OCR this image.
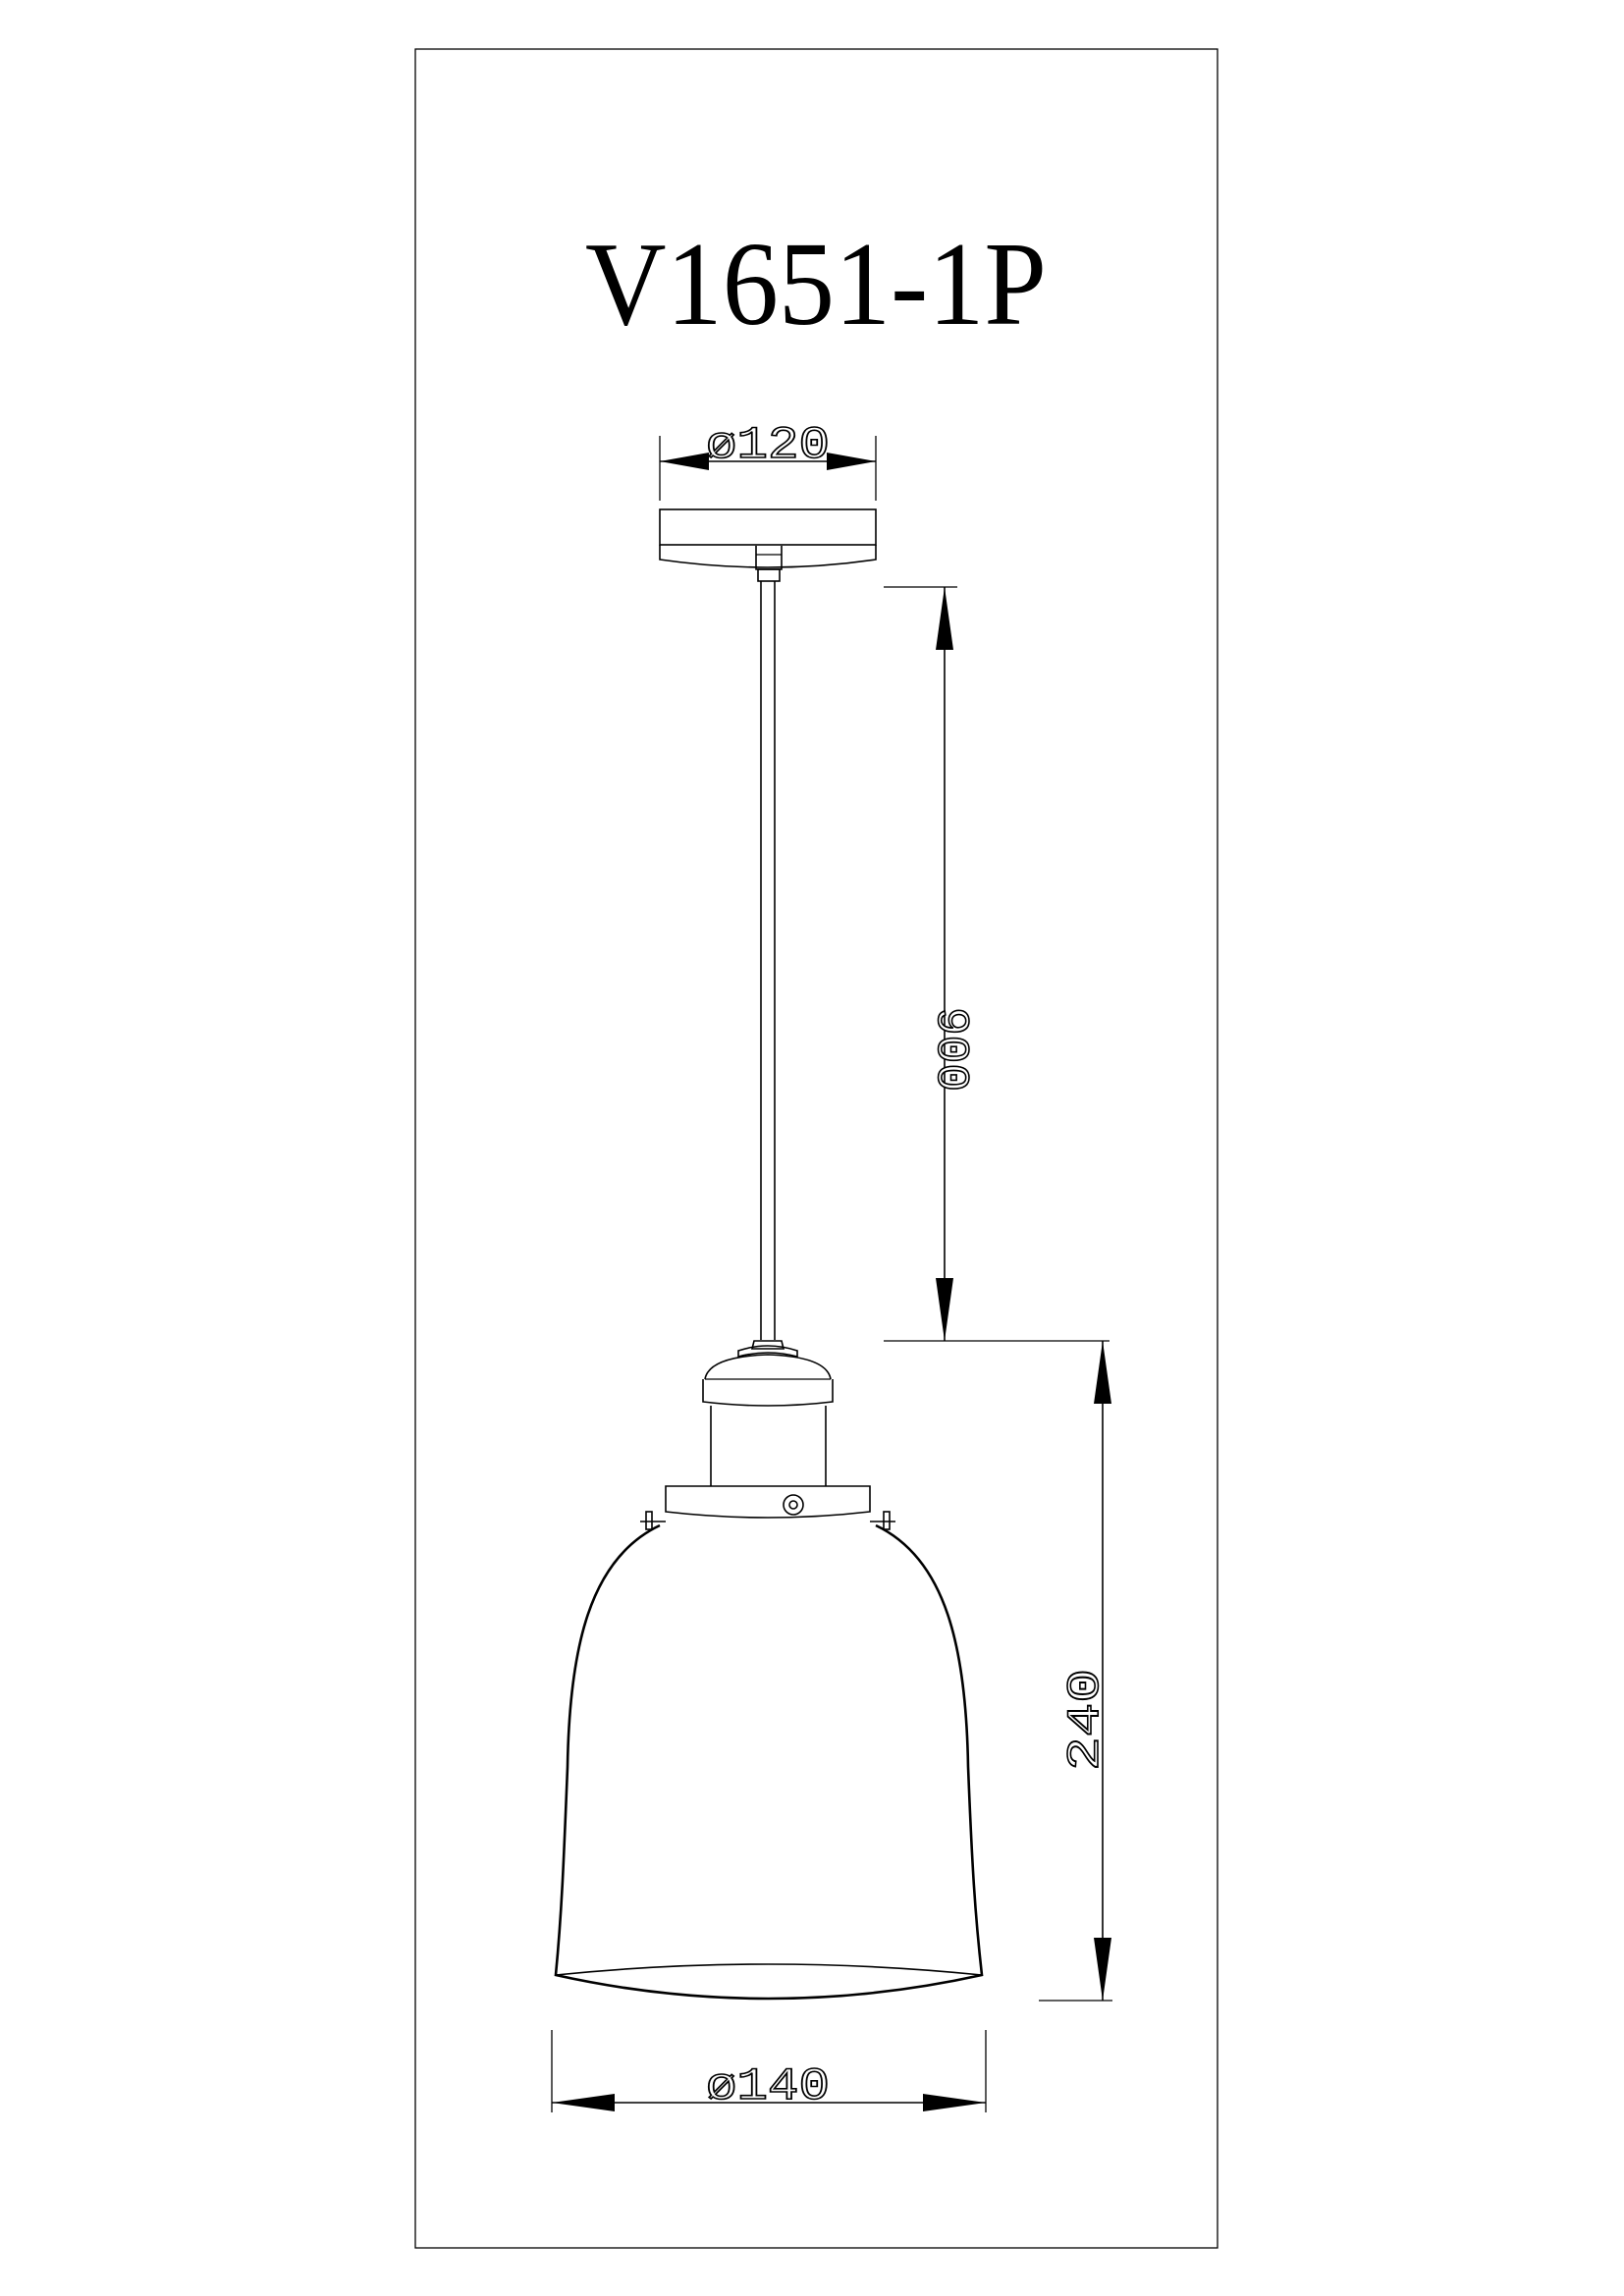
V1651-1P
ø120
900
240
ø140
